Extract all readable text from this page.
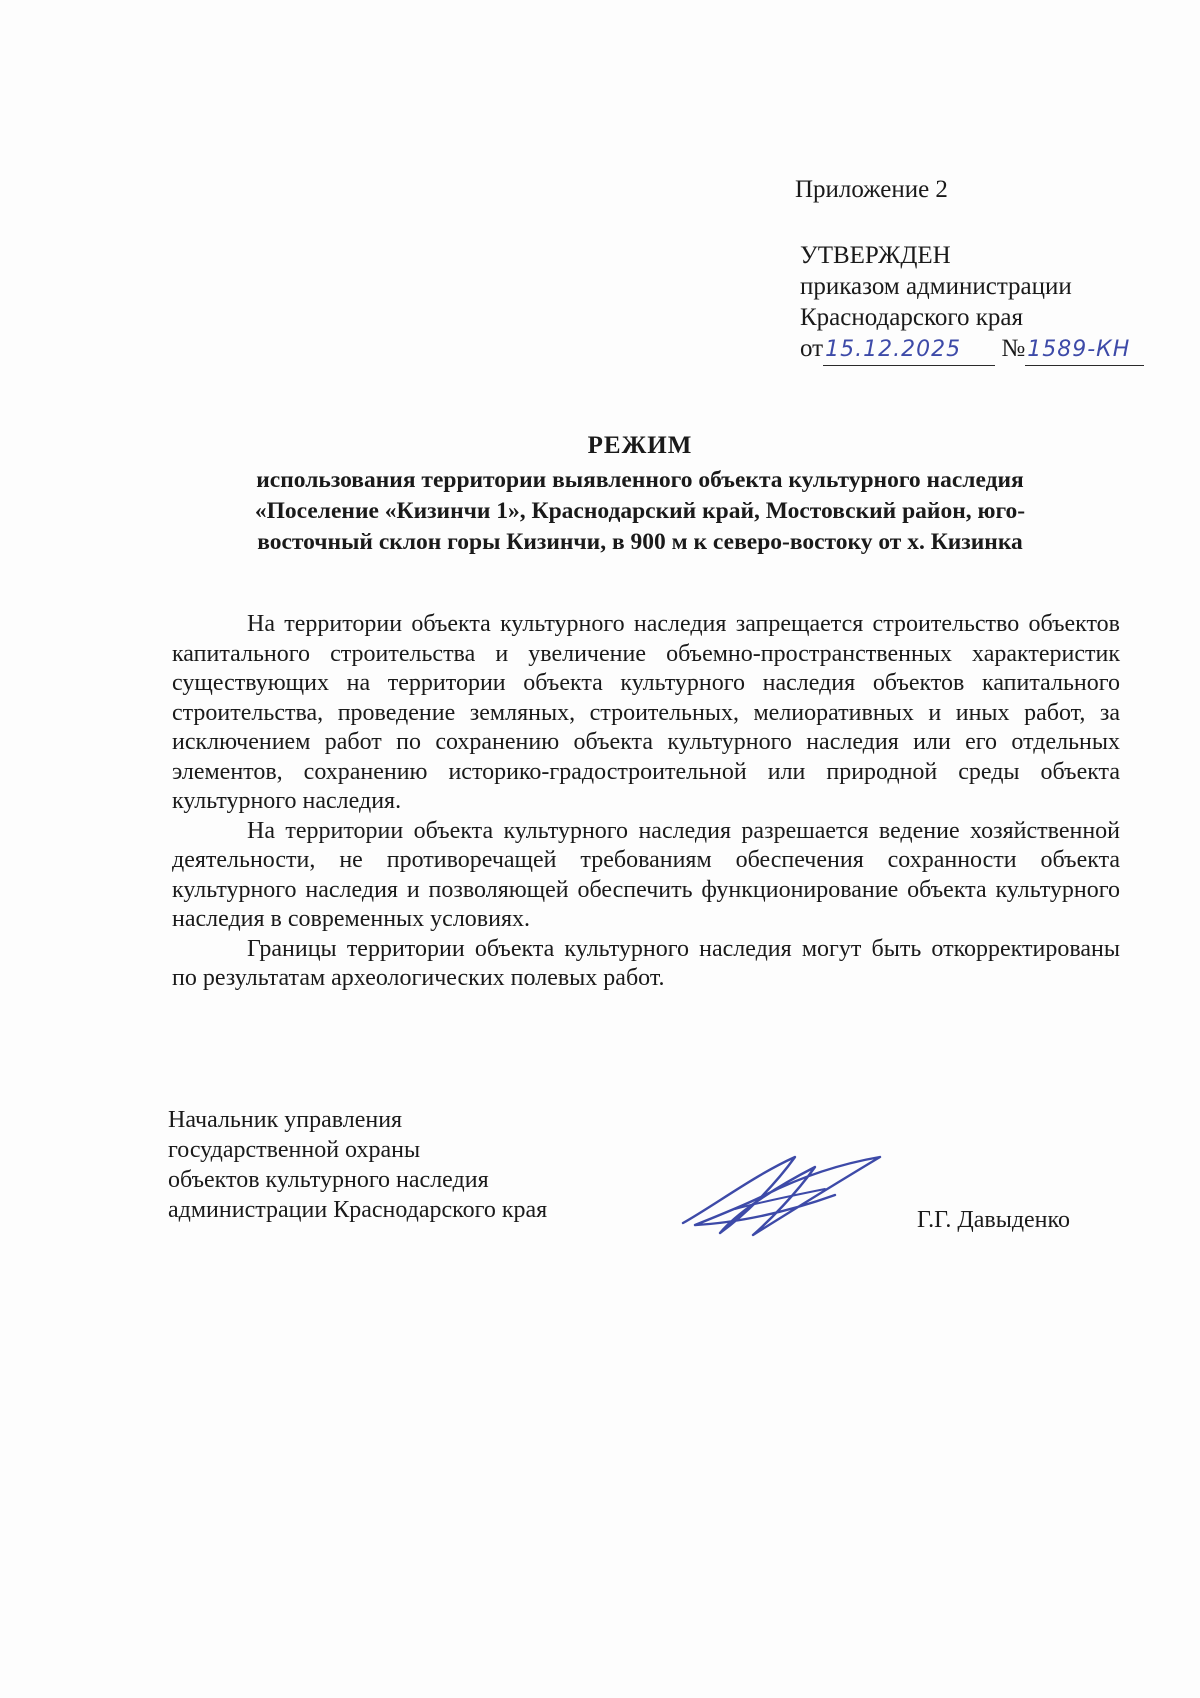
Приложение 2
УТВЕРЖДЕН
приказом администрации
Краснодарского края
от15.12.2025 №1589-КН
РЕЖИМ
использования территории выявленного объекта культурного наследия
«Поселение «Кизинчи 1», Краснодарский край, Мостовский район, юго-
восточный склон горы Кизинчи, в 900 м к северо-востоку от х. Кизинка

На территории объекта культурного наследия запрещается строительство объектов капитального строительства и увеличение объемно-пространственных характеристик существующих на территории объекта культурного наследия объектов капитального строительства, проведение земляных, строительных, мелиоративных и иных работ, за исключением работ по сохранению объекта культурного наследия или его отдельных элементов, сохранению историко-градостроительной или природной среды объекта культурного наследия.

На территории объекта культурного наследия разрешается ведение хозяйственной деятельности, не противоречащей требованиям обеспечения сохранности объекта культурного наследия и позволяющей обеспечить функционирование объекта культурного наследия в современных условиях.

Границы территории объекта культурного наследия могут быть откорректированы по результатам археологических полевых работ.

Начальник управления
государственной охраны
объектов культурного наследия
администрации Краснодарского края	Г.Г. Давыденко
